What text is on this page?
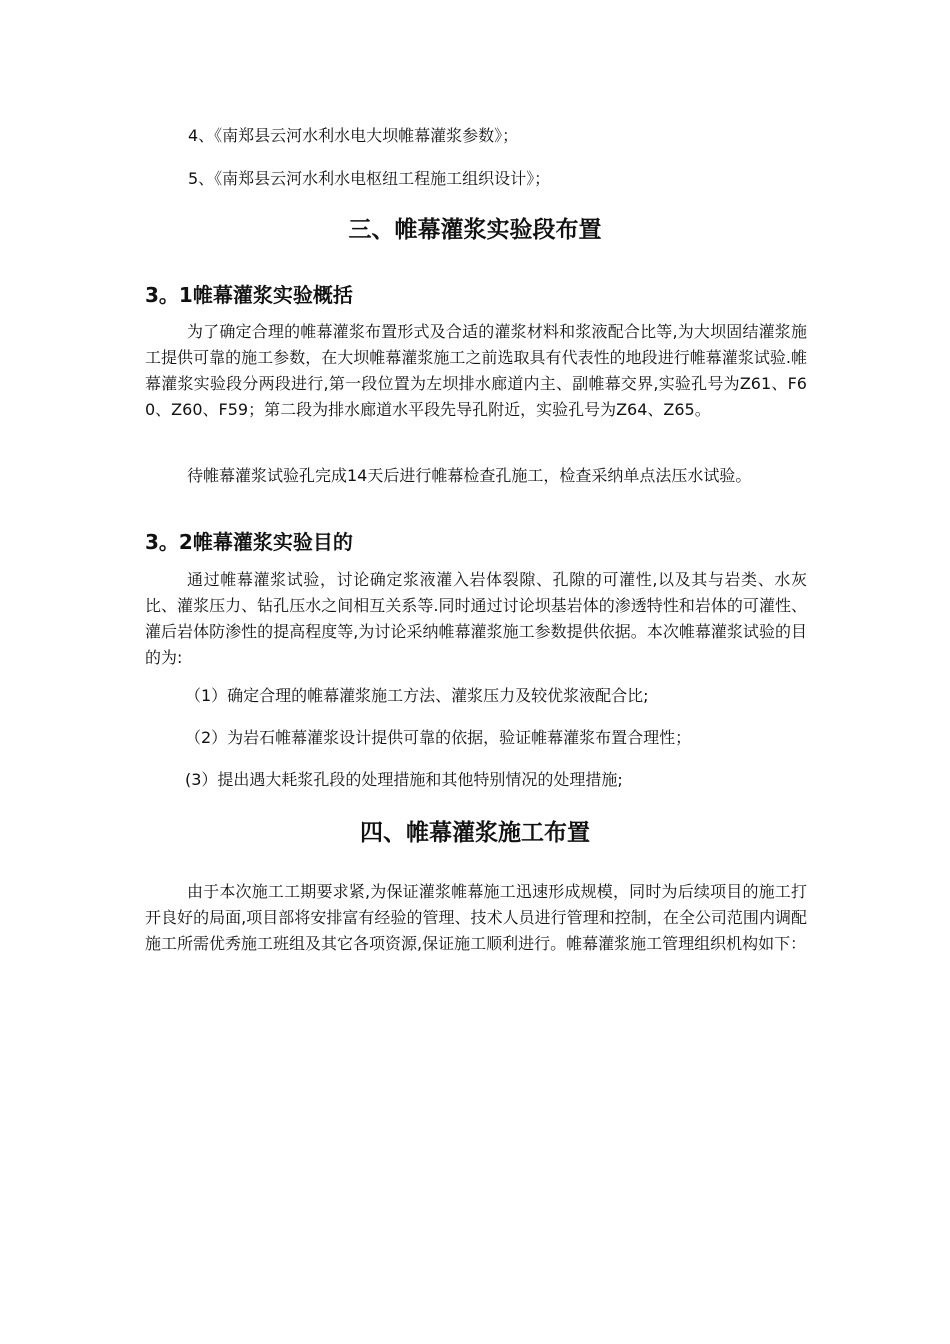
4、《南郑县云河水利水电大坝帷幕灌浆参数》；
5、《南郑县云河水利水电枢纽工程施工组织设计》；
三、帷幕灌浆实验段布置
3。1帷幕灌浆实验概括
为了确定合理的帷幕灌浆布置形式及合适的灌浆材料和浆液配合比等,为大坝固结灌浆施工提供可靠的施工参数，在大坝帷幕灌浆施工之前选取具有代表性的地段进行帷幕灌浆试验.帷幕灌浆实验段分两段进行,第一段位置为左坝排水廊道内主、副帷幕交界,实验孔号为Z61、F60、Z60、F59；第二段为排水廊道水平段先导孔附近，实验孔号为Z64、Z65。
待帷幕灌浆试验孔完成14天后进行帷幕检查孔施工，检查采纳单点法压水试验。
3。2帷幕灌浆实验目的
通过帷幕灌浆试验，讨论确定浆液灌入岩体裂隙、孔隙的可灌性,以及其与岩类、水灰比、灌浆压力、钻孔压水之间相互关系等.同时通过讨论坝基岩体的渗透特性和岩体的可灌性、灌后岩体防渗性的提高程度等,为讨论采纳帷幕灌浆施工参数提供依据。本次帷幕灌浆试验的目的为:
（1）确定合理的帷幕灌浆施工方法、灌浆压力及较优浆液配合比;
（2）为岩石帷幕灌浆设计提供可靠的依据，验证帷幕灌浆布置合理性；
(3）提出遇大耗浆孔段的处理措施和其他特别情况的处理措施;
四、帷幕灌浆施工布置
由于本次施工工期要求紧,为保证灌浆帷幕施工迅速形成规模，同时为后续项目的施工打开良好的局面,项目部将安排富有经验的管理、技术人员进行管理和控制，在全公司范围内调配施工所需优秀施工班组及其它各项资源,保证施工顺利进行。帷幕灌浆施工管理组织机构如下：
